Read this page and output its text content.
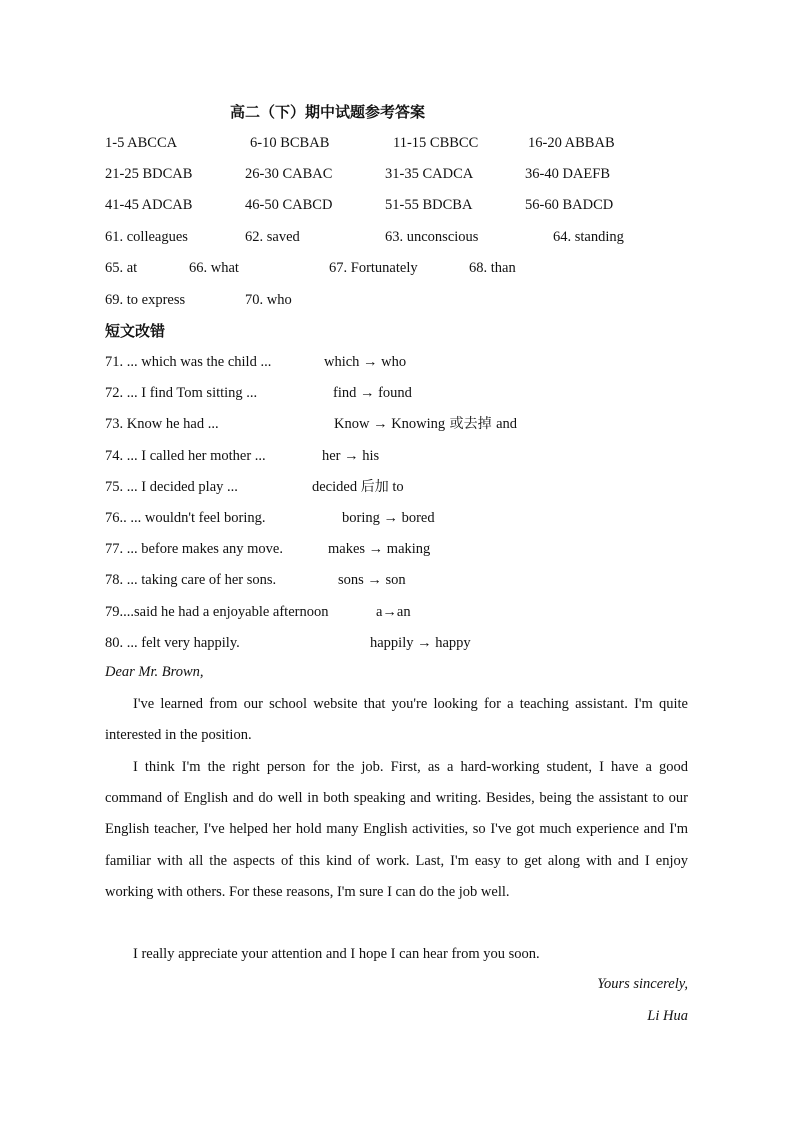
高二（下）期中试题参考答案
1-5 ABCCA	6-10 BCBAB	11-15 CBBCC	16-20 ABBAB
21-25 BDCAB	26-30 CABAC	31-35 CADCA	36-40 DAEFB
41-45 ADCAB	46-50 CABCD	51-55 BDCBA	56-60 BADCD
61. colleagues	62. saved	63. unconscious	64. standing
65. at	66. what	67. Fortunately	68. than
69. to express	70. who
短文改错
71. ... which was the child ...	which → who
72. ... I find Tom sitting ...	find → found
73. Know he had ...	Know → Knowing 或去掉 and
74. ... I called her mother ...	her → his
75. ... I decided play ...	decided 后加 to
76.. ... wouldn't feel boring.	boring → bored
77. ... before makes any move.	makes → making
78. ... taking care of her sons.	sons → son
79....said he had a enjoyable afternoon	a→an
80. ... felt very happily.	happily → happy
Dear Mr. Brown,

I've learned from our school website that you're looking for a teaching assistant. I'm quite interested in the position.

I think I'm the right person for the job. First, as a hard-working student, I have a good command of English and do well in both speaking and writing. Besides, being the assistant to our English teacher, I've helped her hold many English activities, so I've got much experience and I'm familiar with all the aspects of this kind of work. Last, I'm easy to get along with and I enjoy working with others. For these reasons, I'm sure I can do the job well.

I really appreciate your attention and I hope I can hear from you soon.

Yours sincerely,
Li Hua
